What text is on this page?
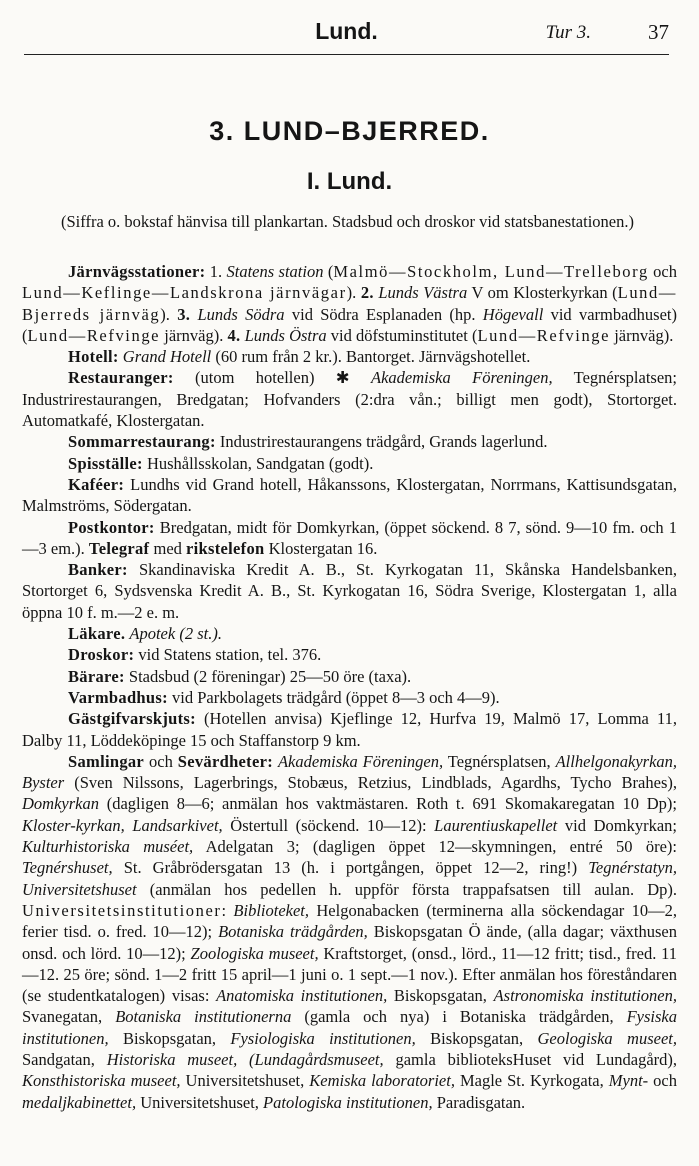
Lund.	Tur 3.	37
3. LUND–BJERRED.
I. Lund.
(Siffra o. bokstaf hänvisa till plankartan. Stadsbud och droskor vid statsbanestationen.)

Järnvägsstationer: 1. Statens station (Malmö—Stockholm, Lund—Trelleborg och Lund—Keflinge—Landskrona järnvägar). 2. Lunds Västra V om Klosterkyrkan (Lund—Bjerreds järnväg). 3. Lunds Södra vid Södra Esplanaden (hp. Högevall vid varmbadhuset) (Lund—Refvinge järnväg). 4. Lunds Östra vid döfstuminstitutet (Lund—Refvinge järnväg).

Hotell: Grand Hotell (60 rum från 2 kr.). Bantorget. Järnvägshotellet.

Restauranger: (utom hotellen) ✱ Akademiska Föreningen, Tegnérsplatsen; Industrirestaurangen, Bredgatan; Hofvanders (2:dra vån.; billigt men godt), Stortorget. Automatkafé, Klostergatan.

Sommarrestaurang: Industrirestaurangens trädgård, Grands lagerlund.

Spisställe: Hushållsskolan, Sandgatan (godt).

Kaféer: Lundhs vid Grand hotell, Håkanssons, Klostergatan, Norrmans, Kattisundsgatan, Malmströms, Södergatan.

Postkontor: Bredgatan, midt för Domkyrkan, (öppet söckend. 8 7, sönd. 9—10 fm. och 1—3 em.). Telegraf med rikstelefon Klostergatan 16.

Banker: Skandinaviska Kredit A. B., St. Kyrkogatan 11, Skånska Handelsbanken, Stortorget 6, Sydsvenska Kredit A. B., St. Kyrkogatan 16, Södra Sverige, Klostergatan 1, alla öppna 10 f. m.—2 e. m.

Läkare. Apotek (2 st.).

Droskor: vid Statens station, tel. 376.

Bärare: Stadsbud (2 föreningar) 25—50 öre (taxa).

Varmbadhus: vid Parkbolagets trädgård (öppet 8—3 och 4—9).

Gästgifvarskjuts: (Hotellen anvisa) Kjeflinge 12, Hurfva 19, Malmö 17, Lomma 11, Dalby 11, Löddeköpinge 15 och Staffanstorp 9 km.

Samlingar och Sevärdheter: Akademiska Föreningen, Tegnérsplatsen, Allhelgonakyrkan, Byster (Sven Nilssons, Lagerbrings, Stobæus, Retzius, Lindblads, Agardhs, Tycho Brahes), Domkyrkan (dagligen 8—6; anmälan hos vaktmästaren. Roth t. 691 Skomakaregatan 10 Dp); Kloster-kyrkan, Landsarkivet, Östertull (söckend. 10—12): Laurentiuskapellet vid Domkyrkan; Kulturhistoriska muséet, Adelgatan 3; (dagligen öppet 12—skymningen, entré 50 öre): Tegnérshuset, St. Gråbrödersgatan 13 (h. i portgången, öppet 12—2, ring!) Tegnérstatyn, Universitetshuset (anmälan hos pedellen h. uppför första trappafsatsen till aulan. Dp). Universitetsinstitutioner: Biblioteket, Helgonabacken (terminerna alla söckendagar 10—2, ferier tisd. o. fred. 10—12); Botaniska trädgården, Biskopsgatan Ö ände, (alla dagar; växthusen onsd. och lörd. 10—12); Zoologiska museet, Kraftstorget, (onsd., lörd., 11—12 fritt; tisd., fred. 11—12. 25 öre; sönd. 1—2 fritt 15 april—1 juni o. 1 sept.—1 nov.). Efter anmälan hos föreståndaren (se studentkatalogen) visas: Anatomiska institutionen, Biskopsgatan, Astronomiska institutionen, Svanegatan, Botaniska institutionerna (gamla och nya) i Botaniska trädgården, Fysiska institutionen, Biskopsgatan, Fysiologiska institutionen, Biskopsgatan, Geologiska museet, Sandgatan, Historiska museet, (Lundagårdsmuseet, gamla biblioteksHuset vid Lundagård), Konsthistoriska museet, Universitetshuset, Kemiska laboratoriet, Magle St. Kyrkogata, Mynt- och medaljkabinettet, Universitetshuset, Patologiska institutionen, Paradisgatan.
